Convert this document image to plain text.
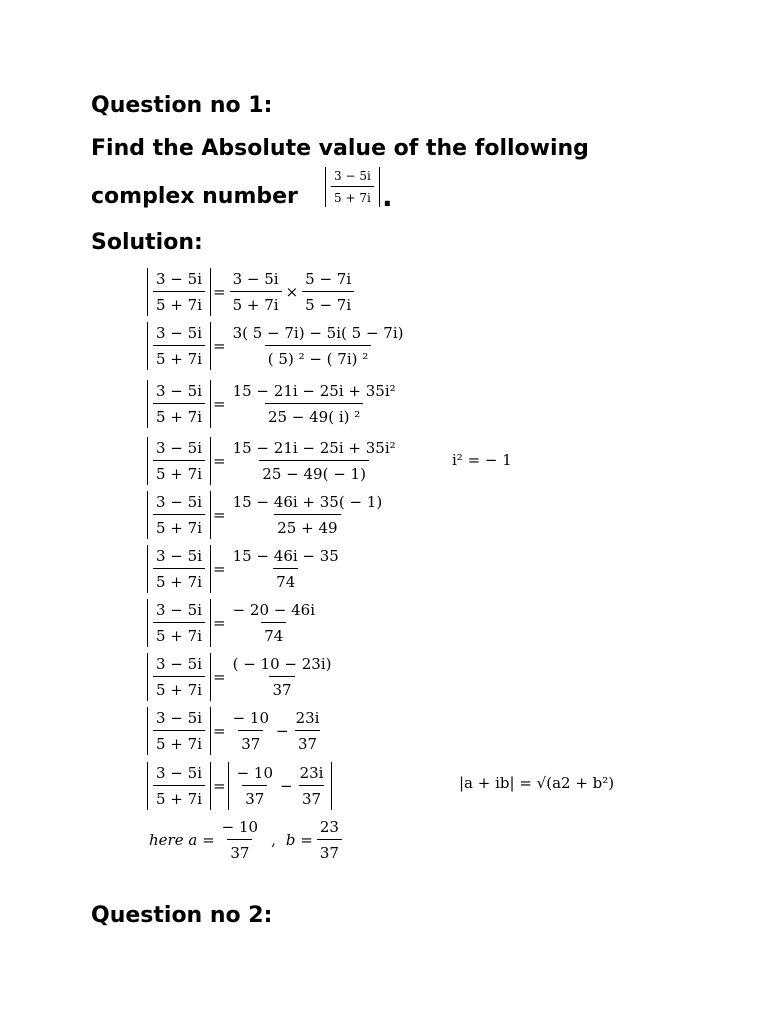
Question no 1:
Find the Absolute value of the following
complex number	$\frac{3 - 5i}{5 + 7i}$ .
Solution:
$\frac{3 - 5i}{5 + 7i} = \frac{3 - 5i}{5 + 7i} \times \frac{5 - 7i}{5 - 7i}$
$\frac{3 - 5i}{5 + 7i} = \frac{3( 5 - 7i) - 5i( 5 - 7i)}{\text{( 5) ² − ( 7i) ²}}$
$\frac{3 - 5i}{5 + 7i} = \frac{\text{15 − 21i − 25i + 35i²}}{\text{25 − 49( i) ²}}$
$\frac{3 - 5i}{5 + 7i} = \frac{\text{15 − 21i − 25i + 35i²}}{25 - 49( - 1)}$	i² = − 1
$\frac{3 - 5i}{5 + 7i} = \frac{15 - 46i + 35( - 1)}{25 + 49}$
$\frac{3 - 5i}{5 + 7i} = \frac{15 - 46i - 35}{74}$
$\frac{3 - 5i}{5 + 7i} = \frac{- 20 - 46i}{74}$
$\frac{3 - 5i}{5 + 7i} = \frac{( - 10 - 23i)}{37}$
$\frac{3 - 5i}{5 + 7i} = \frac{- 10}{37} - \frac{23i}{37}$
$\frac{3 - 5i}{5 + 7i} = \frac{- 10}{37} - \frac{23i}{37}$	|a + ib| = √(a2 + b²)
here $a = \frac{- 10}{37}$ , $b = \frac{23}{37}$
Question no 2:
